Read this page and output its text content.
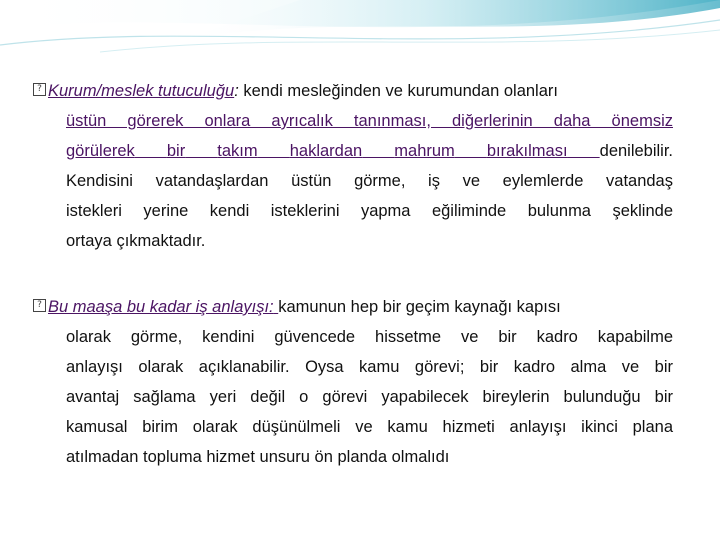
? Kurum/meslek tutuculuğu: kendi mesleğinden ve kurumundan olanları
üstün görerek onlara ayrıcalık tanınması, diğerlerinin daha önemsiz
görülerek bir takım haklardan mahrum bırakılması denilebilir.
Kendisini vatandaşlardan üstün görme, iş ve eylemlerde vatandaş
istekleri yerine kendi isteklerini yapma eğiliminde bulunma şeklinde
ortaya çıkmaktadır.
? Bu maaşa bu kadar iş anlayışı: kamunun hep bir geçim kaynağı kapısı
olarak görme, kendini güvencede hissetme ve bir kadro kapabilme
anlayışı olarak açıklanabilir. Oysa kamu görevi; bir kadro alma ve bir
avantaj sağlama yeri değil o görevi yapabilecek bireylerin bulunduğu bir
kamusal birim olarak düşünülmeli ve kamu hizmeti anlayışı ikinci plana
atılmadan topluma hizmet unsuru ön planda olmalıdı
